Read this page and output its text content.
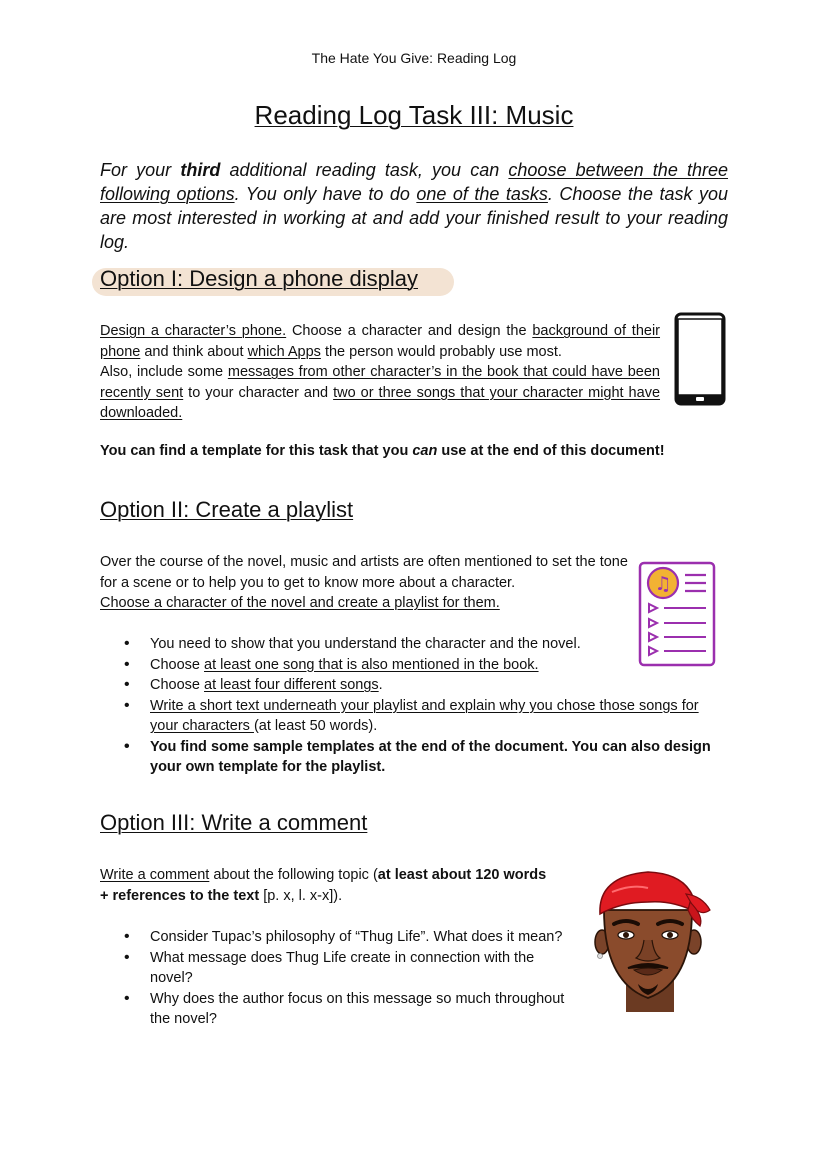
The Hate You Give: Reading Log
Reading Log Task III: Music
For your third additional reading task, you can choose between the three following options. You only have to do one of the tasks. Choose the task you are most interested in working at and add your finished result to your reading log.
Option I: Design a phone display
Design a character’s phone. Choose a character and design the background of their phone and think about which Apps the person would probably use most.
Also, include some messages from other character’s in the book that could have been recently sent to your character and two or three songs that your character might have downloaded.
You can find a template for this task that you can use at the end of this document!
Option II: Create a playlist
Over the course of the novel, music and artists are often mentioned to set the tone for a scene or to help you to get to know more about a character.
Choose a character of the novel and create a playlist for them.
♫
• You need to show that you understand the character and the novel.
• Choose at least one song that is also mentioned in the book.
• Choose at least four different songs.
• Write a short text underneath your playlist and explain why you chose those songs for your characters (at least 50 words).
• You find some sample templates at the end of the document. You can also design your own template for the playlist.
Option III: Write a comment
Write a comment about the following topic (at least about 120 words + references to the text [p. x, l. x-x]).
• Consider Tupac’s philosophy of “Thug Life”. What does it mean?
• What message does Thug Life create in connection with the novel?
• Why does the author focus on this message so much throughout the novel?
